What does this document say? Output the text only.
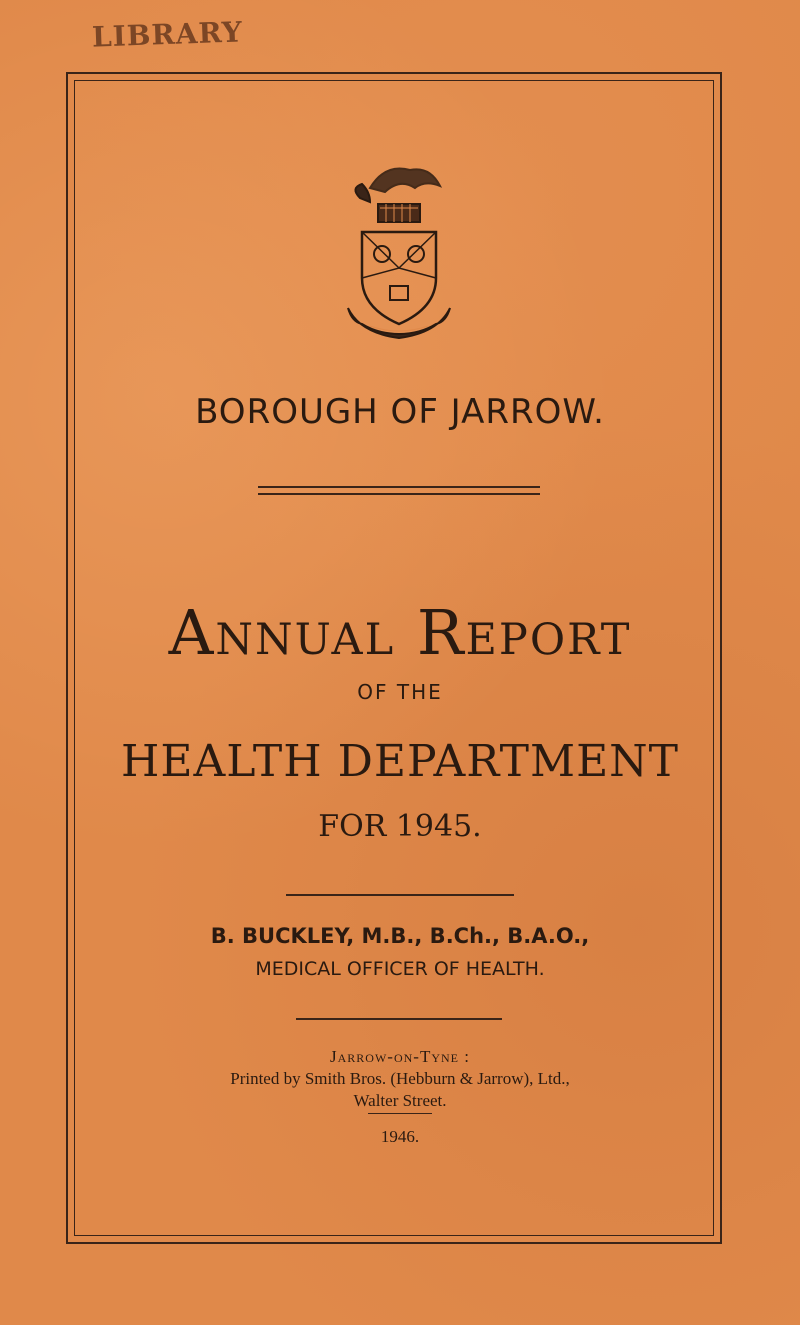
LIBRARY
BOROUGH OF JARROW.
Annual Report
OF THE
HEALTH DEPARTMENT
FOR 1945.
B. BUCKLEY, M.B., B.Ch., B.A.O.,
MEDICAL OFFICER OF HEALTH.
Jarrow-on-Tyne :
Printed by Smith Bros. (Hebburn & Jarrow), Ltd.,
Walter Street.
1946.
